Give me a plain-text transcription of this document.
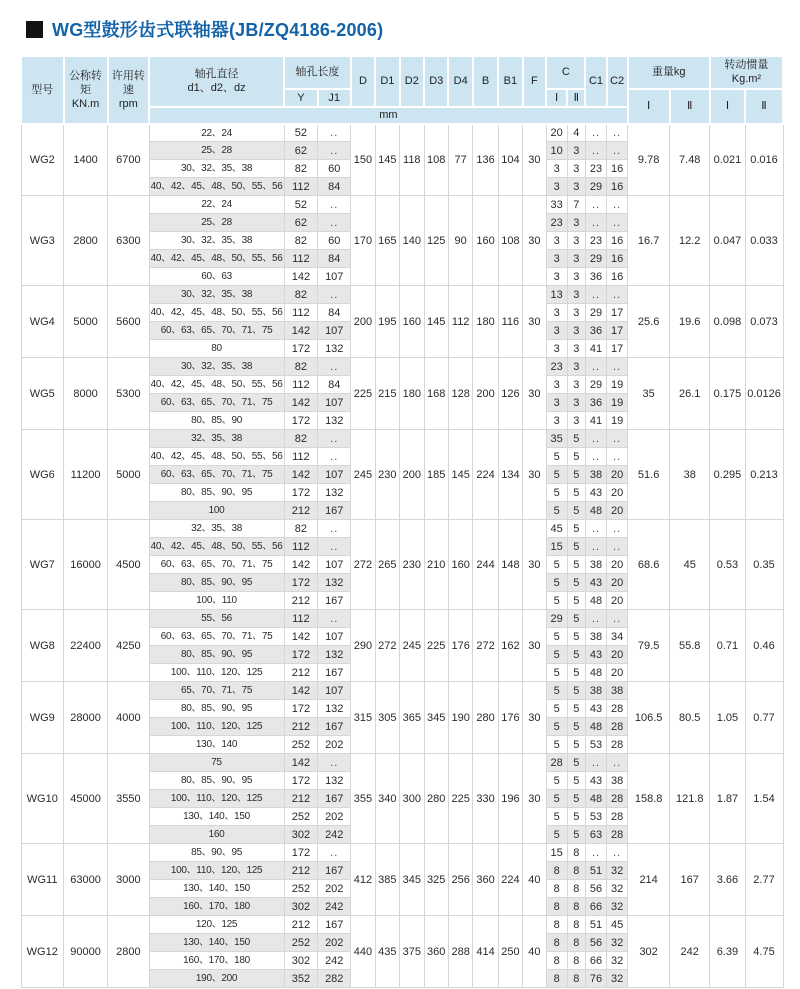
WG型鼓形齿式联轴器(JB/ZQ4186-2006)
型号	公称转矩
KN.m	许用转速
rpm	轴孔直径
d1、d2、dz	轴孔长度		D	D1	D2	D3	D4	B	B1	F	C		C1	C2	重量kg		转动惯量
Kg.m²	

				Y	J1									Ⅰ	Ⅱ			Ⅰ	Ⅱ	Ⅰ	Ⅱ
			mm																		
WG2	1400	6700	22、24	52	..	150	145	118	108	77	136	104	30	20	4	..	..	9.78	7.48	0.021	0.016
			25、28	62	..									10	3	..	..				
			30、32、35、38	82	60									3	3	23	16				
			40、42、45、48、50、55、56	112	84									3	3	29	16				
WG3	2800	6300	22、24	52	..	170	165	140	125	90	160	108	30	33	7	..	..	16.7	12.2	0.047	0.033
			25、28	62	..									23	3	..	..				
			30、32、35、38	82	60									3	3	23	16				
			40、42、45、48、50、55、56	112	84									3	3	29	16				
			60、63	142	107									3	3	36	16				
WG4	5000	5600	30、32、35、38	82	..	200	195	160	145	112	180	116	30	13	3	..	..	25.6	19.6	0.098	0.073
			40、42、45、48、50、55、56	112	84									3	3	29	17				
			60、63、65、70、71、75	142	107									3	3	36	17				
			80	172	132									3	3	41	17				
WG5	8000	5300	30、32、35、38	82	..	225	215	180	168	128	200	126	30	23	3	..	..	35	26.1	0.175	0.0126
			40、42、45、48、50、55、56	112	84									3	3	29	19				
			60、63、65、70、71、75	142	107									3	3	36	19				
			80、85、90	172	132									3	3	41	19				
WG6	11200	5000	32、35、38	82	..	245	230	200	185	145	224	134	30	35	5	..	..	51.6	38	0.295	0.213
			40、42、45、48、50、55、56	112	..									5	5	..	..				
			60、63、65、70、71、75	142	107									5	5	38	20				
			80、85、90、95	172	132									5	5	43	20				
			100	212	167									5	5	48	20				
WG7	16000	4500	32、35、38	82	..	272	265	230	210	160	244	148	30	45	5	..	..	68.6	45	0.53	0.35
			40、42、45、48、50、55、56	112	..									15	5	..	..				
			60、63、65、70、71、75	142	107									5	5	38	20				
			80、85、90、95	172	132									5	5	43	20				
			100、110	212	167									5	5	48	20				
WG8	22400	4250	55、56	112	..	290	272	245	225	176	272	162	30	29	5	..	..	79.5	55.8	0.71	0.46
			60、63、65、70、71、75	142	107									5	5	38	34				
			80、85、90、95	172	132									5	5	43	20				
			100、110、120、125	212	167									5	5	48	20				
WG9	28000	4000	65、70、71、75	142	107	315	305	365	345	190	280	176	30	5	5	38	38	106.5	80.5	1.05	0.77
			80、85、90、95	172	132									5	5	43	28				
			100、110、120、125	212	167									5	5	48	28				
			130、140	252	202									5	5	53	28				
WG10	45000	3550	75	142	..	355	340	300	280	225	330	196	30	28	5	..	..	158.8	121.8	1.87	1.54
			80、85、90、95	172	132									5	5	43	38				
			100、110、120、125	212	167									5	5	48	28				
			130、140、150	252	202									5	5	53	28				
			160	302	242									5	5	63	28				
WG11	63000	3000	85、90、95	172	..	412	385	345	325	256	360	224	40	15	8	..	..	214	167	3.66	2.77
			100、110、120、125	212	167									8	8	51	32				
			130、140、150	252	202									8	8	56	32				
			160、170、180	302	242									8	8	66	32				
WG12	90000	2800	120、125	212	167	440	435	375	360	288	414	250	40	8	8	51	45	302	242	6.39	4.75
			130、140、150	252	202									8	8	56	32				
			160、170、180	302	242									8	8	66	32				
			190、200	352	282									8	8	76	32				
